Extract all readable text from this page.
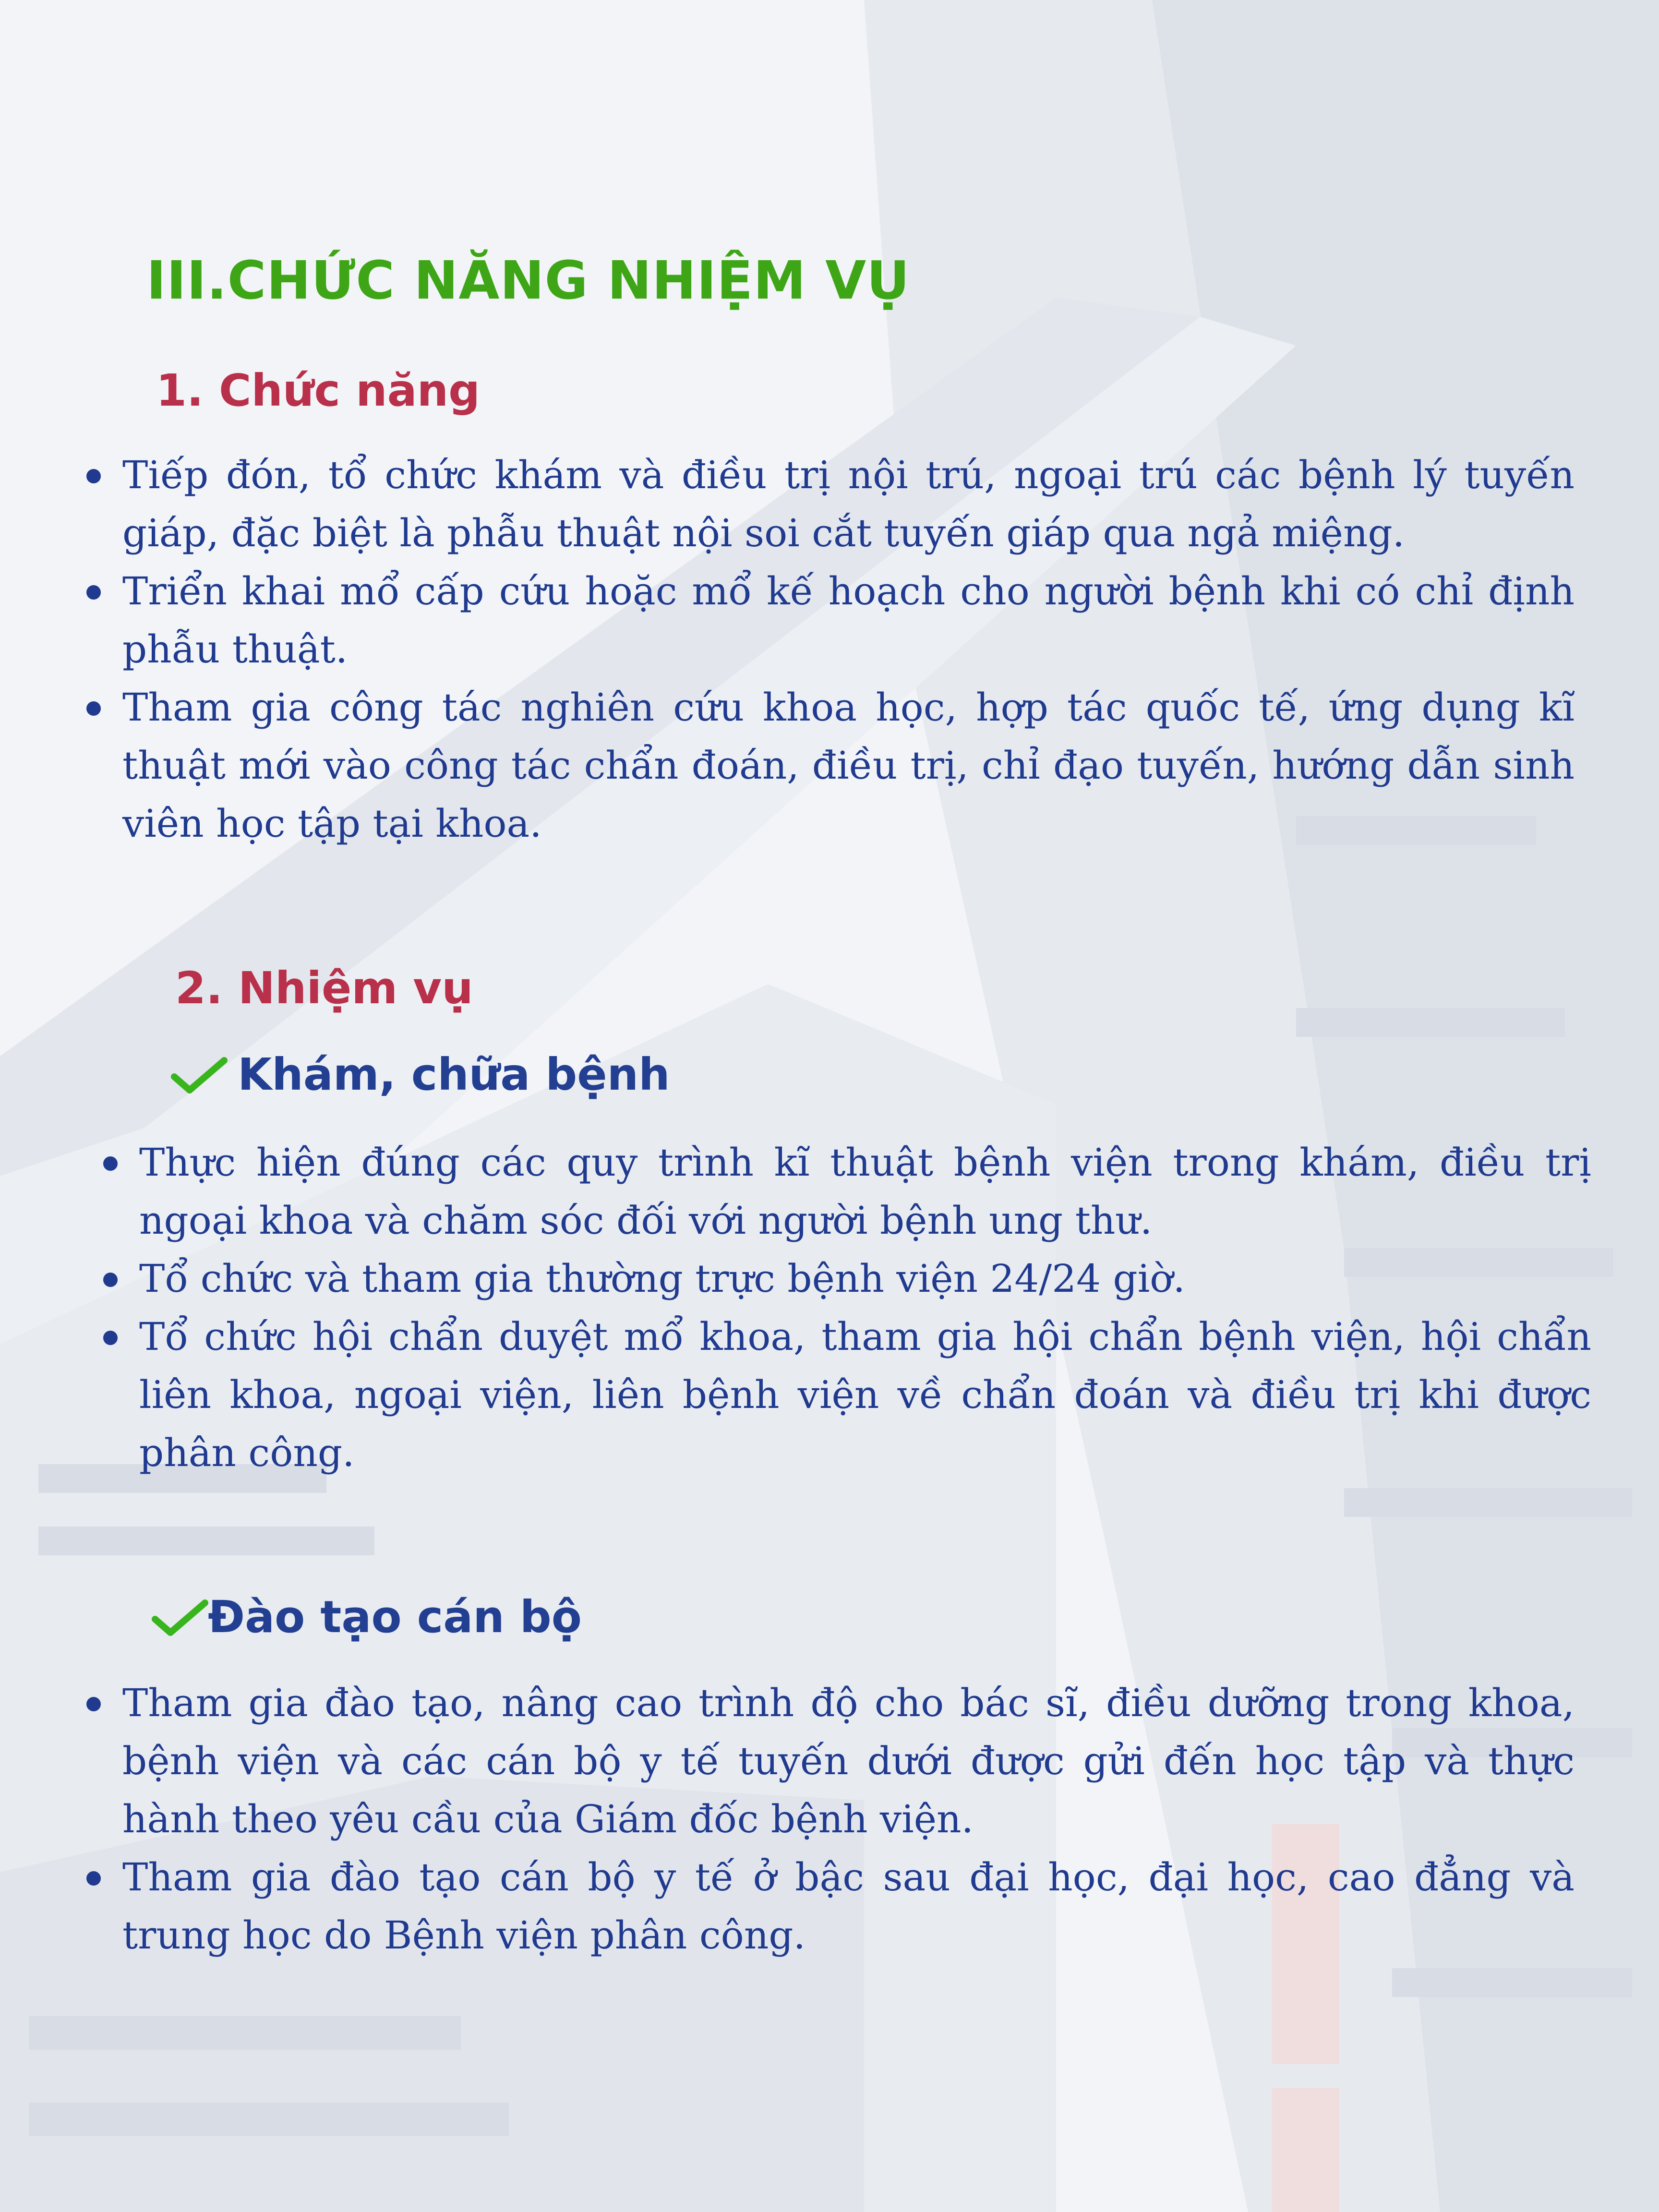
III.CHỨC NĂNG NHIỆM VỤ
1. Chức năng
Tiếp đón, tổ chức khám và điều trị nội trú, ngoại trú các bệnh lý tuyến giáp, đặc biệt là phẫu thuật nội soi cắt tuyến giáp qua ngả miệng.
Triển khai mổ cấp cứu hoặc mổ kế hoạch cho người bệnh khi có chỉ định phẫu thuật.
Tham gia công tác nghiên cứu khoa học, hợp tác quốc tế, ứng dụng kĩ thuật mới vào công tác chẩn đoán, điều trị, chỉ đạo tuyến, hướng dẫn sinh viên học tập tại khoa.
2. Nhiệm vụ
Khám, chữa bệnh
Thực hiện đúng các quy trình kĩ thuật bệnh viện trong khám, điều trị ngoại khoa và chăm sóc đối với người bệnh ung thư.
Tổ chức và tham gia thường trực bệnh viện 24/24 giờ.
Tổ chức hội chẩn duyệt mổ khoa, tham gia hội chẩn bệnh viện, hội chẩn liên khoa, ngoại viện, liên bệnh viện về chẩn đoán và điều trị khi được phân công.
Đào tạo cán bộ
Tham gia đào tạo, nâng cao trình độ cho bác sĩ, điều dưỡng trong khoa, bệnh viện và các cán bộ y tế tuyến dưới được gửi đến học tập và thực hành theo yêu cầu của Giám đốc bệnh viện.
Tham gia đào tạo cán bộ y tế ở bậc sau đại học, đại học, cao đẳng và trung học do Bệnh viện phân công.
